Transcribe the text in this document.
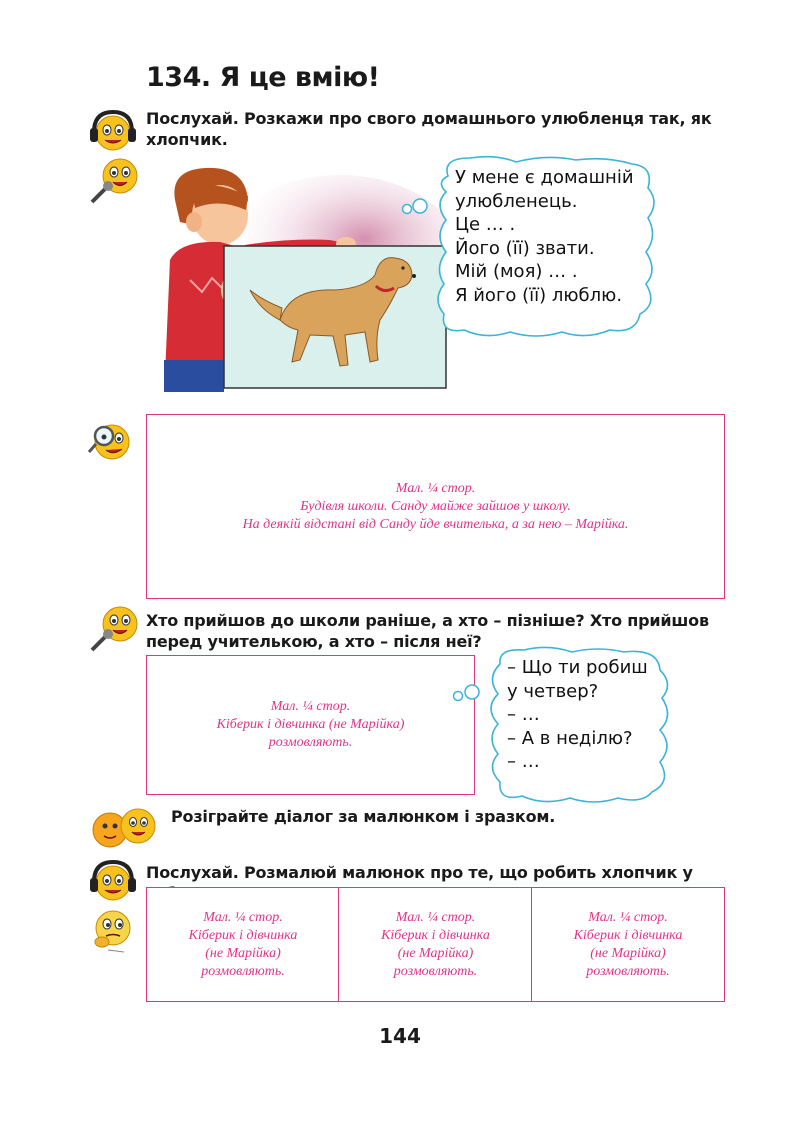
134. Я це вмію!
Послухай. Розкажи про свого домашнього улюбленця так, як хлопчик.
У мене є домашній
улюбленець.
Це … .
Його (її) звати.
Мій (моя) … .
Я його (її) люблю.
Мал. ¼ стор.
Будівля школи. Санду майже зайшов у школу.
На деякій відстані від Санду йде вчителька, а за нею – Марійка.
Хто прийшов до школи раніше, а хто – пізніше? Хто прийшов перед учителькою, а хто – після неї?
Мал. ¼ стор.
Кіберик і дівчинка (не Марійка)
розмовляють.
– Що ти робиш
у четвер?
– …
– А в неділю?
– …
Розіграйте діалог за малюнком і зразком.
Послухай. Розмалюй малюнок про те, що робить хлопчик у
Мал. ¼ стор.
Кіберик і дівчинка
(не Марійка)
розмовляють.
Мал. ¼ стор.
Кіберик і дівчинка
(не Марійка)
розмовляють.
Мал. ¼ стор.
Кіберик і дівчинка
(не Марійка)
розмовляють.
144
